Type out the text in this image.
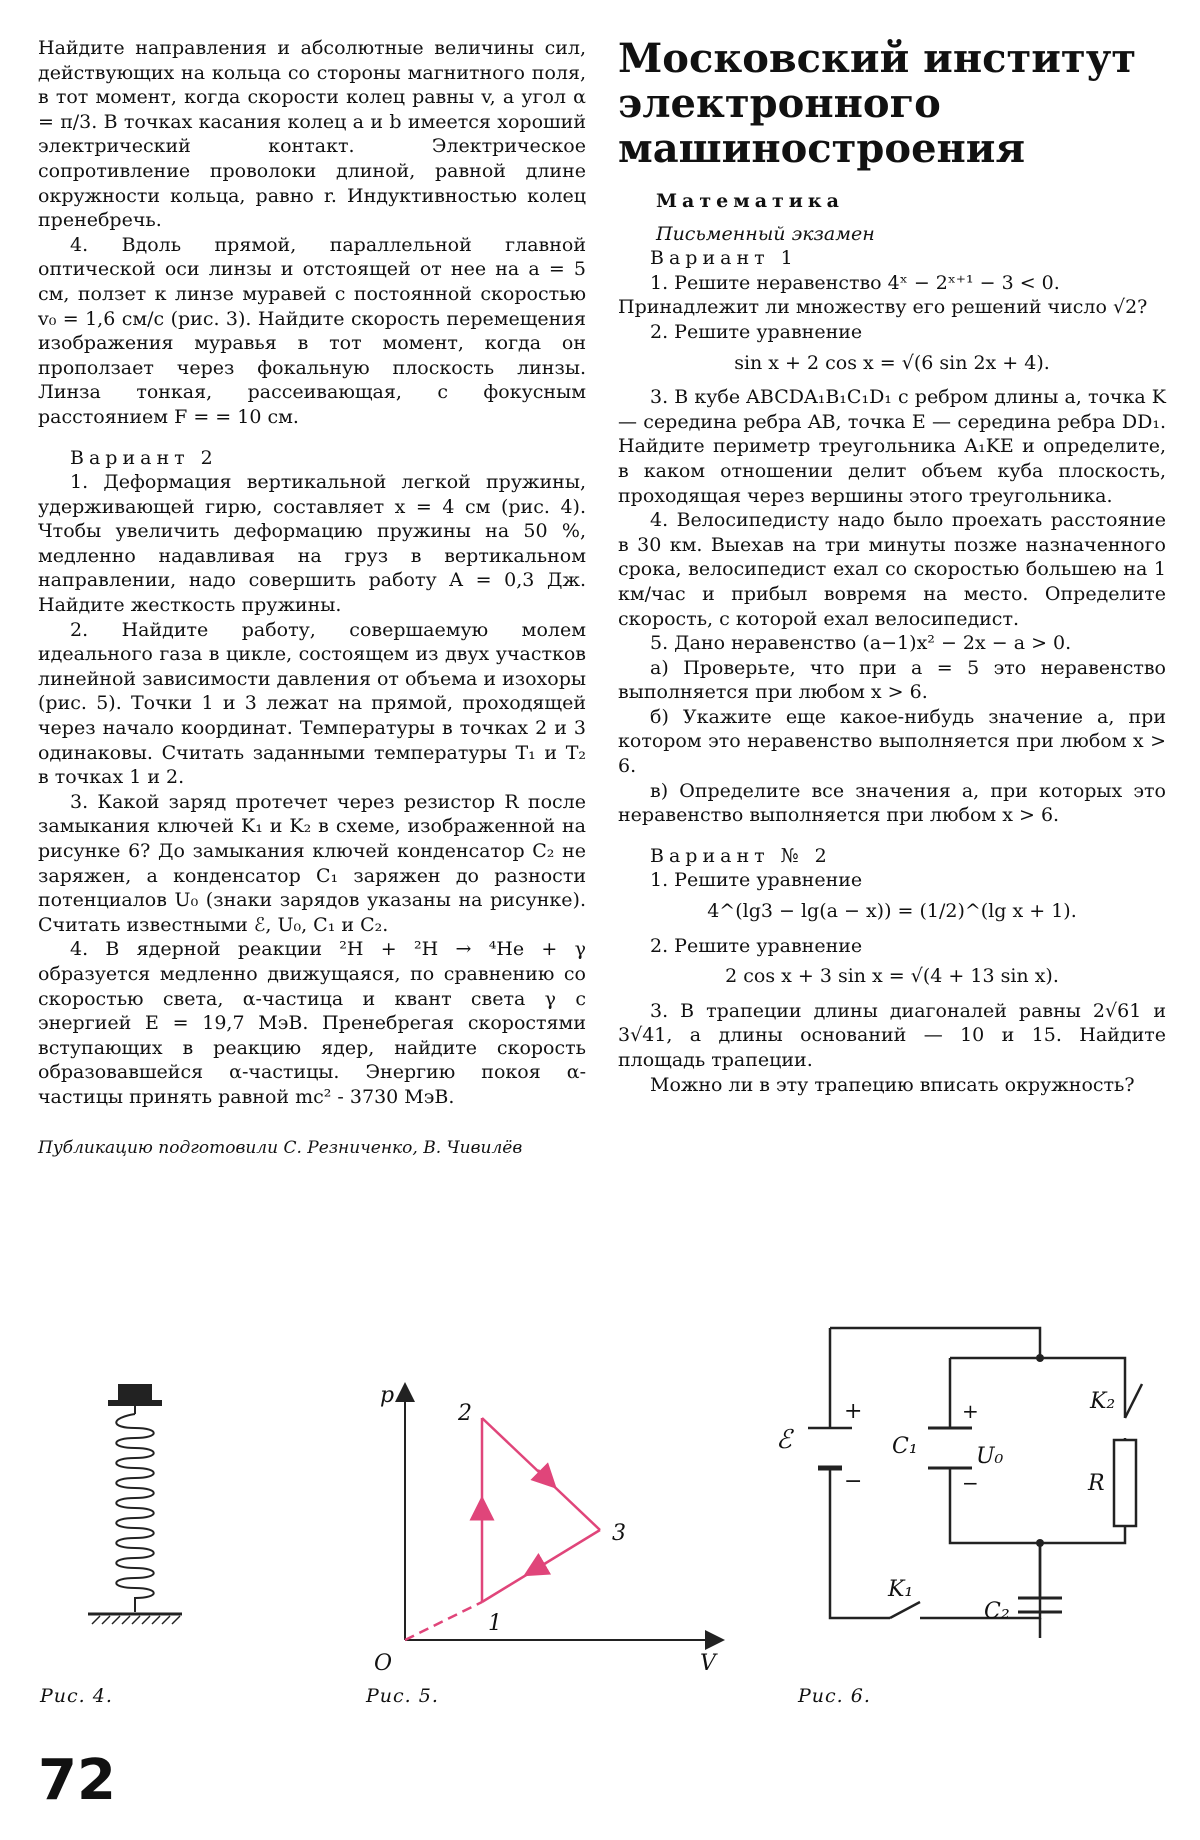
Найдите направления и абсолютные величины сил, действующих на кольца со стороны магнитного поля, в тот момент, когда скорости колец равны v, а угол α = π/3. В точках касания колец a и b имеется хороший электрический контакт. Электрическое сопротивление проволоки длиной, равной длине окружности кольца, равно r. Индуктивностью колец пренебречь.

4. Вдоль прямой, параллельной главной оптической оси линзы и отстоящей от нее на a = 5 см, ползет к линзе муравей с постоянной скоростью v₀ = 1,6 см/с (рис. 3). Найдите скорость перемещения изображения муравья в тот момент, когда он проползает через фокальную плоскость линзы. Линза тонкая, рассеивающая, с фокусным расстоянием F = = 10 см.

Вариант 2

1. Деформация вертикальной легкой пружины, удерживающей гирю, составляет x = 4 см (рис. 4). Чтобы увеличить деформацию пружины на 50 %, медленно надавливая на груз в вертикальном направлении, надо совершить работу A = 0,3 Дж. Найдите жесткость пружины.

2. Найдите работу, совершаемую молем идеального газа в цикле, состоящем из двух участков линейной зависимости давления от объема и изохоры (рис. 5). Точки 1 и 3 лежат на прямой, проходящей через начало координат. Температуры в точках 2 и 3 одинаковы. Считать заданными температуры T₁ и T₂ в точках 1 и 2.

3. Какой заряд протечет через резистор R после замыкания ключей K₁ и K₂ в схеме, изображенной на рисунке 6? До замыкания ключей конденсатор C₂ не заряжен, а конденсатор C₁ заряжен до разности потенциалов U₀ (знаки зарядов указаны на рисунке). Считать известными ℰ, U₀, C₁ и C₂.

4. В ядерной реакции ²H + ²H → ⁴He + γ образуется медленно движущаяся, по сравнению со скоростью света, α-частица и квант света γ с энергией E = 19,7 МэВ. Пренебрегая скоростями вступающих в реакцию ядер, найдите скорость образовавшейся α-частицы. Энергию покоя α-частицы принять равной mc² - 3730 МэВ.

Публикацию подготовили С. Резниченко, В. Чивилёв

Московский институт электронного машиностроения

Математика

Письменный экзамен

Вариант 1

1. Решите неравенство 4ˣ − 2ˣ⁺¹ − 3 < 0.

Принадлежит ли множеству его решений число √2?

2. Решите уравнение

sin x + 2 cos x = √(6 sin 2x + 4).

3. В кубе ABCDA₁B₁C₁D₁ с ребром длины a, точка K — середина ребра AB, точка E — середина ребра DD₁. Найдите периметр треугольника A₁KE и определите, в каком отношении делит объем куба плоскость, проходящая через вершины этого треугольника.

4. Велосипедисту надо было проехать расстояние в 30 км. Выехав на три минуты позже назначенного срока, велосипедист ехал со скоростью большею на 1 км/час и прибыл вовремя на место. Определите скорость, с которой ехал велосипедист.

5. Дано неравенство (a−1)x² − 2x − a > 0.

а) Проверьте, что при a = 5 это неравенство выполняется при любом x > 6.

б) Укажите еще какое-нибудь значение a, при котором это неравенство выполняется при любом x > 6.

в) Определите все значения a, при которых это неравенство выполняется при любом x > 6.

Вариант № 2

1. Решите уравнение

4^(lg3 − lg(a − x)) = (1/2)^(lg x + 1).

2. Решите уравнение

2 cos x + 3 sin x = √(4 + 13 sin x).

3. В трапеции длины диагоналей равны 2√61 и 3√41, а длины оснований — 10 и 15. Найдите площадь трапеции.

Можно ли в эту трапецию вписать окружность?

Рис. 4.
p
V
O
2
3
1
Рис. 5.
ℰ
+
−
C₁	U₀
+
−
K₂
R
C₂
K₁
Рис. 6.
72
